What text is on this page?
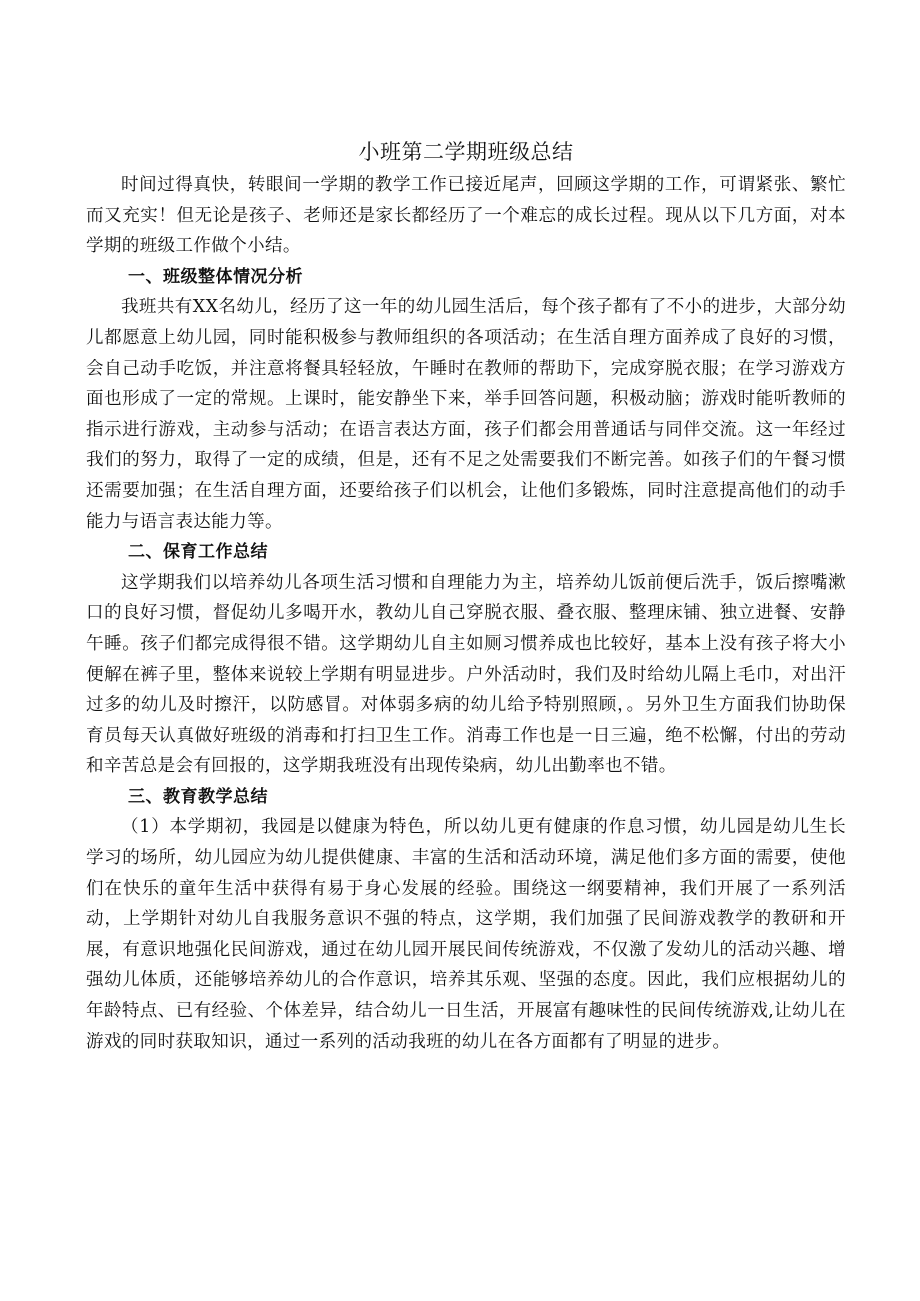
小班第二学期班级总结

时间过得真快，转眼间一学期的教学工作已接近尾声，回顾这学期的工作，可谓紧张、繁忙而又充实！但无论是孩子、老师还是家长都经历了一个难忘的成长过程。现从以下几方面，对本学期的班级工作做个小结。

一、班级整体情况分析

我班共有XX名幼儿，经历了这一年的幼儿园生活后，每个孩子都有了不小的进步，大部分幼儿都愿意上幼儿园，同时能积极参与教师组织的各项活动；在生活自理方面养成了良好的习惯，会自己动手吃饭，并注意将餐具轻轻放，午睡时在教师的帮助下，完成穿脱衣服；在学习游戏方面也形成了一定的常规。上课时，能安静坐下来，举手回答问题，积极动脑；游戏时能听教师的指示进行游戏，主动参与活动；在语言表达方面，孩子们都会用普通话与同伴交流。这一年经过我们的努力，取得了一定的成绩，但是，还有不足之处需要我们不断完善。如孩子们的午餐习惯还需要加强；在生活自理方面，还要给孩子们以机会，让他们多锻炼，同时注意提高他们的动手能力与语言表达能力等。

二、保育工作总结

这学期我们以培养幼儿各项生活习惯和自理能力为主，培养幼儿饭前便后洗手，饭后擦嘴漱口的良好习惯，督促幼儿多喝开水，教幼儿自己穿脱衣服、叠衣服、整理床铺、独立进餐、安静午睡。孩子们都完成得很不错。这学期幼儿自主如厕习惯养成也比较好，基本上没有孩子将大小便解在裤子里，整体来说较上学期有明显进步。户外活动时，我们及时给幼儿隔上毛巾，对出汗过多的幼儿及时擦汗，以防感冒。对体弱多病的幼儿给予特别照顾，。另外卫生方面我们协助保育员每天认真做好班级的消毒和打扫卫生工作。消毒工作也是一日三遍，绝不松懈，付出的劳动和辛苦总是会有回报的，这学期我班没有出现传染病，幼儿出勤率也不错。

三、教育教学总结

（1）本学期初，我园是以健康为特色，所以幼儿更有健康的作息习惯，幼儿园是幼儿生长学习的场所，幼儿园应为幼儿提供健康、丰富的生活和活动环境，满足他们多方面的需要，使他们在快乐的童年生活中获得有易于身心发展的经验。围绕这一纲要精神，我们开展了一系列活动，上学期针对幼儿自我服务意识不强的特点，这学期，我们加强了民间游戏教学的教研和开展，有意识地强化民间游戏，通过在幼儿园开展民间传统游戏，不仅激了发幼儿的活动兴趣、增强幼儿体质，还能够培养幼儿的合作意识，培养其乐观、坚强的态度。因此，我们应根据幼儿的年龄特点、已有经验、个体差异，结合幼儿一日生活，开展富有趣味性的民间传统游戏,让幼儿在游戏的同时获取知识，通过一系列的活动我班的幼儿在各方面都有了明显的进步。
